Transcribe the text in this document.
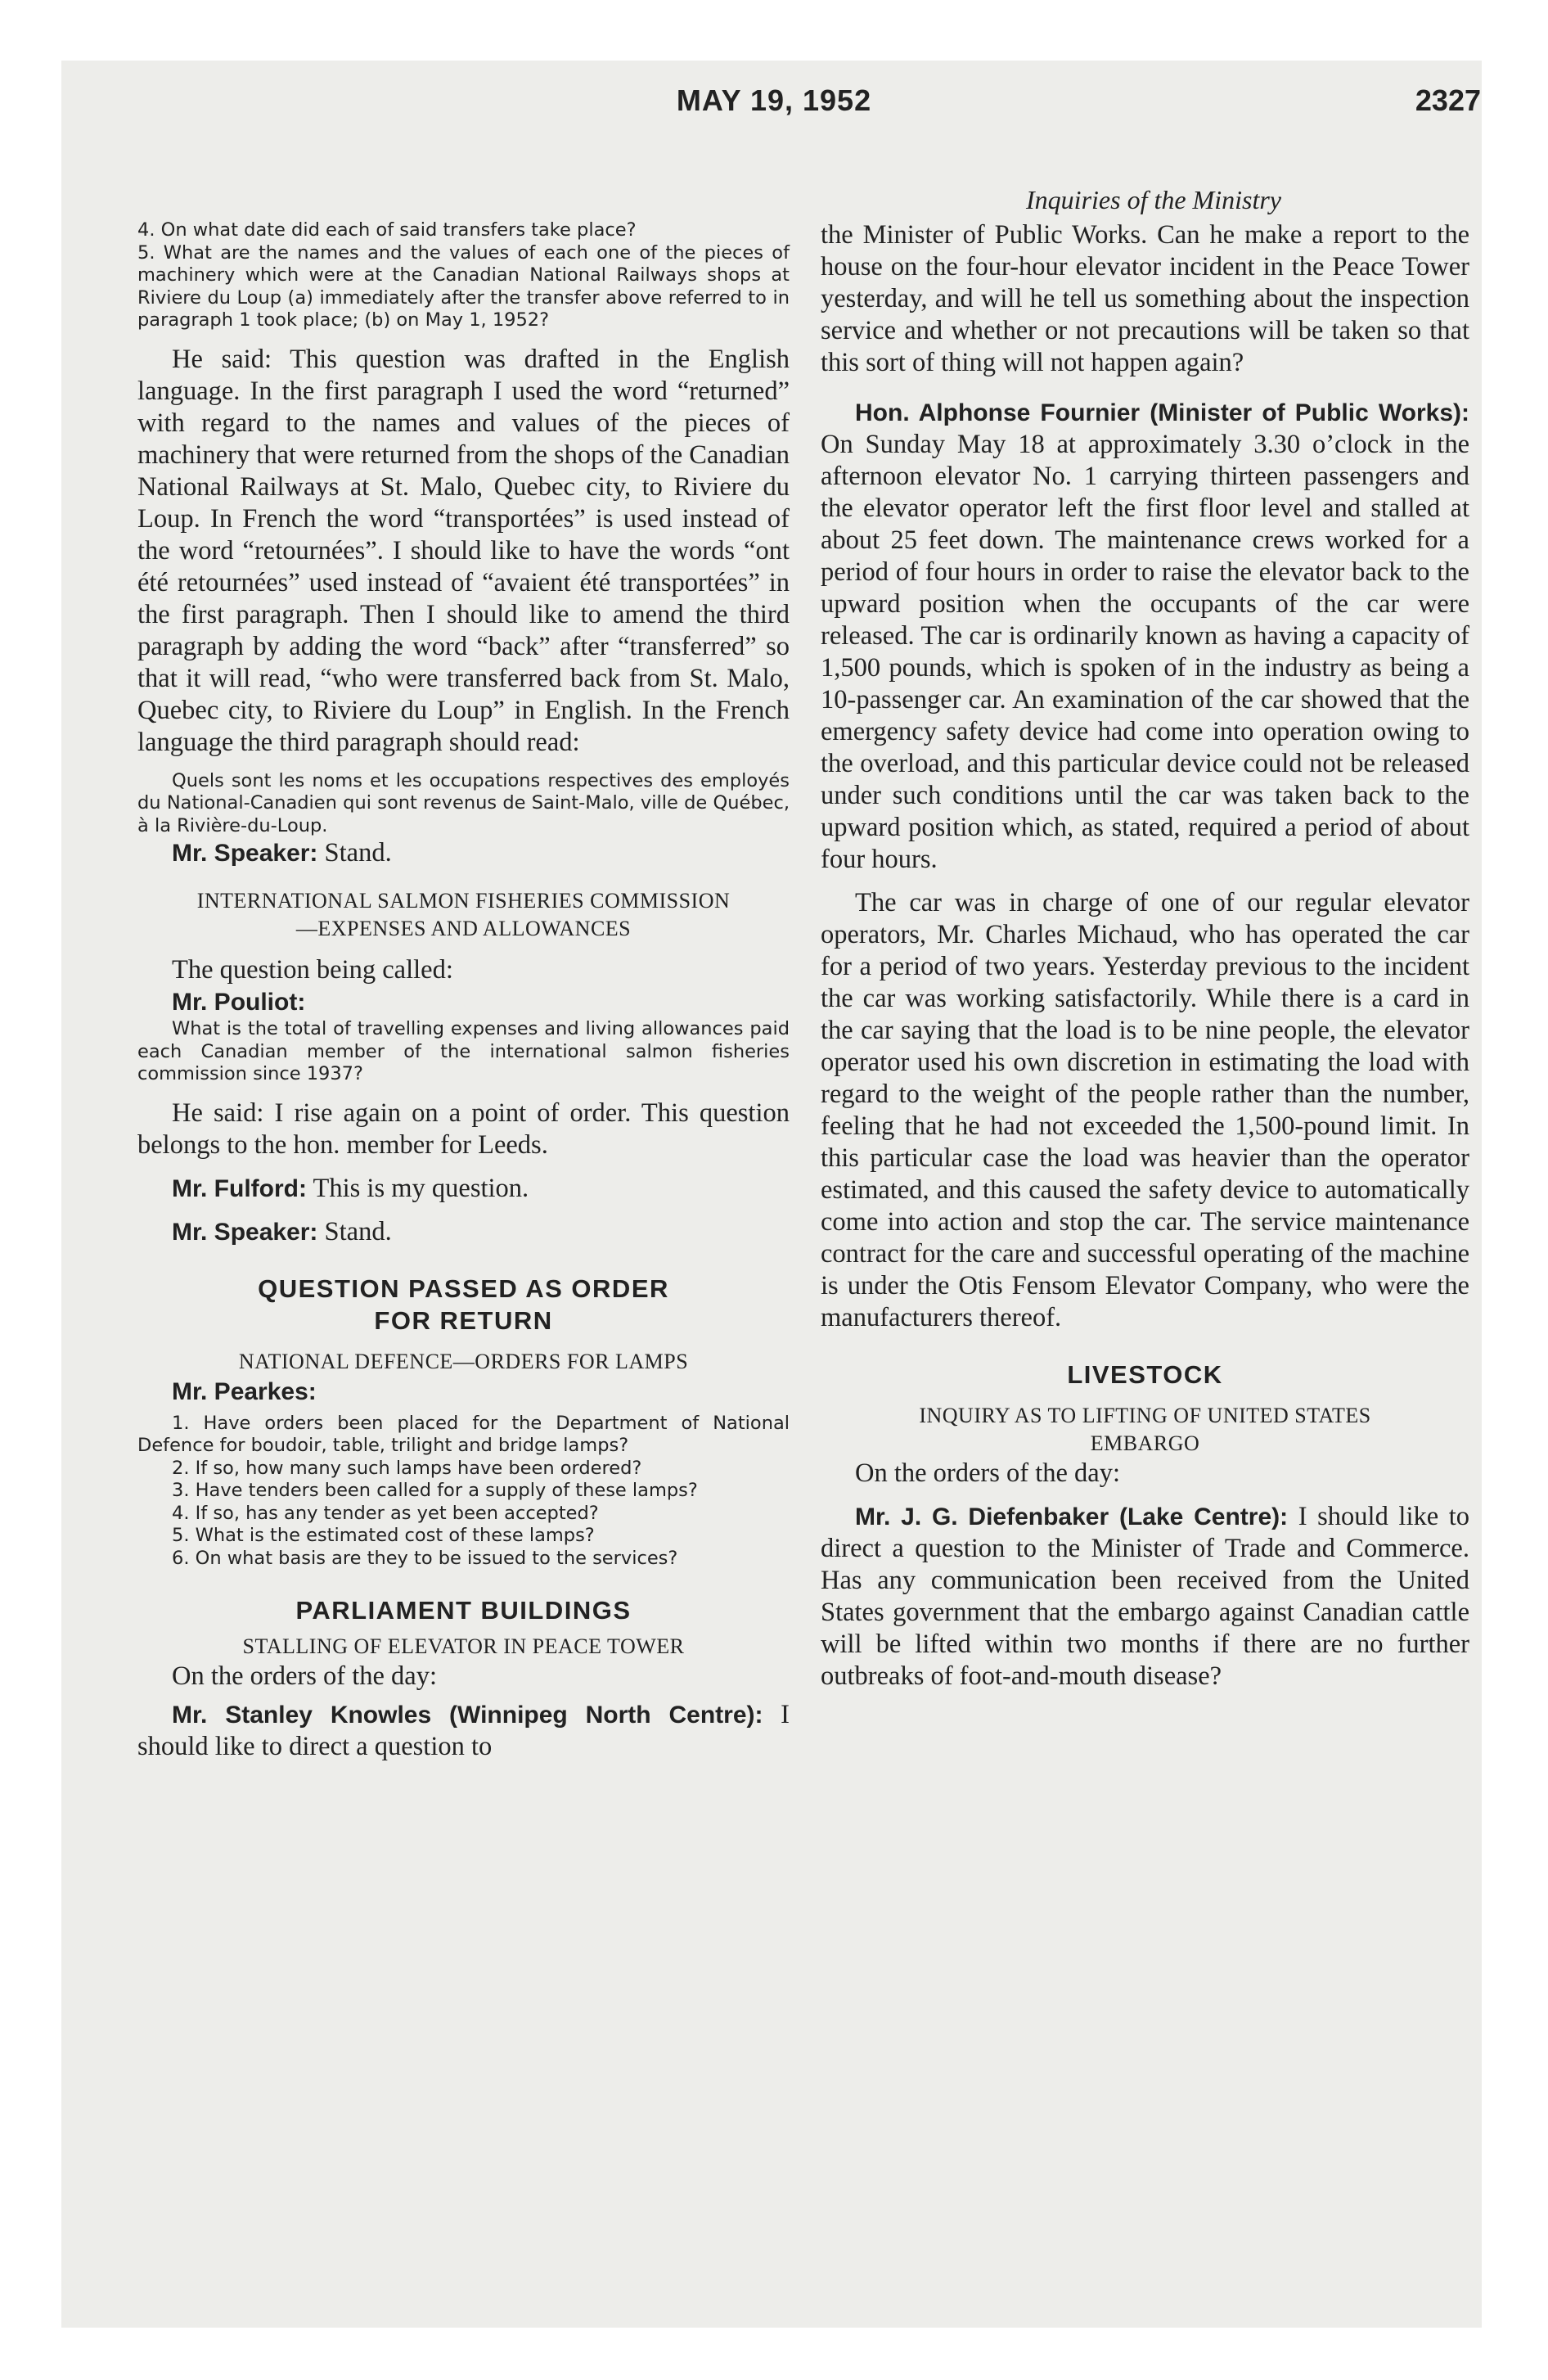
MAY 19, 1952	2327
Inquiries of the Ministry

4. On what date did each of said transfers take place?

5. What are the names and the values of each one of the pieces of machinery which were at the Canadian National Railways shops at Riviere du Loup (a) immediately after the transfer above referred to in paragraph 1 took place; (b) on May 1, 1952?

He said: This question was drafted in the English language. In the first paragraph I used the word “returned” with regard to the names and values of the pieces of machinery that were returned from the shops of the Canadian National Railways at St. Malo, Quebec city, to Riviere du Loup. In French the word “transportées” is used instead of the word “retournées”. I should like to have the words “ont été retournées” used instead of “avaient été transportées” in the first paragraph. Then I should like to amend the third paragraph by adding the word “back” after “transferred” so that it will read, “who were transferred back from St. Malo, Quebec city, to Riviere du Loup” in English. In the French language the third paragraph should read:

Quels sont les noms et les occupations respectives des employés du National-Canadien qui sont revenus de Saint-Malo, ville de Québec, à la Rivière-du-Loup.

Mr. Speaker: Stand.

INTERNATIONAL SALMON FISHERIES COMMISSION

—EXPENSES AND ALLOWANCES

The question being called:

Mr. Pouliot:

What is the total of travelling expenses and living allowances paid each Canadian member of the international salmon fisheries commission since 1937?

He said: I rise again on a point of order. This question belongs to the hon. member for Leeds.

Mr. Fulford: This is my question.

Mr. Speaker: Stand.

QUESTION PASSED AS ORDER

FOR RETURN

NATIONAL DEFENCE—ORDERS FOR LAMPS

Mr. Pearkes:

1. Have orders been placed for the Department of National Defence for boudoir, table, trilight and bridge lamps?

2. If so, how many such lamps have been ordered?

3. Have tenders been called for a supply of these lamps?

4. If so, has any tender as yet been accepted?

5. What is the estimated cost of these lamps?

6. On what basis are they to be issued to the services?

PARLIAMENT BUILDINGS

STALLING OF ELEVATOR IN PEACE TOWER

On the orders of the day:

Mr. Stanley Knowles (Winnipeg North Centre): I should like to direct a question to

the Minister of Public Works. Can he make a report to the house on the four-hour elevator incident in the Peace Tower yesterday, and will he tell us something about the inspection service and whether or not precautions will be taken so that this sort of thing will not happen again?

Hon. Alphonse Fournier (Minister of Public Works): On Sunday May 18 at approximately 3.30 o’clock in the afternoon elevator No. 1 carrying thirteen passengers and the elevator operator left the first floor level and stalled at about 25 feet down. The maintenance crews worked for a period of four hours in order to raise the elevator back to the upward position when the occupants of the car were released. The car is ordinarily known as having a capacity of 1,500 pounds, which is spoken of in the industry as being a 10-passenger car. An examination of the car showed that the emergency safety device had come into operation owing to the overload, and this particular device could not be released under such conditions until the car was taken back to the upward position which, as stated, required a period of about four hours.

The car was in charge of one of our regular elevator operators, Mr. Charles Michaud, who has operated the car for a period of two years. Yesterday previous to the incident the car was working satisfactorily. While there is a card in the car saying that the load is to be nine people, the elevator operator used his own discretion in estimating the load with regard to the weight of the people rather than the number, feeling that he had not exceeded the 1,500-pound limit. In this particular case the load was heavier than the operator estimated, and this caused the safety device to automatically come into action and stop the car. The service maintenance contract for the care and successful operating of the machine is under the Otis Fensom Elevator Company, who were the manufacturers thereof.

LIVESTOCK

INQUIRY AS TO LIFTING OF UNITED STATES

EMBARGO

On the orders of the day:

Mr. J. G. Diefenbaker (Lake Centre): I should like to direct a question to the Minister of Trade and Commerce. Has any communication been received from the United States government that the embargo against Canadian cattle will be lifted within two months if there are no further outbreaks of foot-and-mouth disease?
